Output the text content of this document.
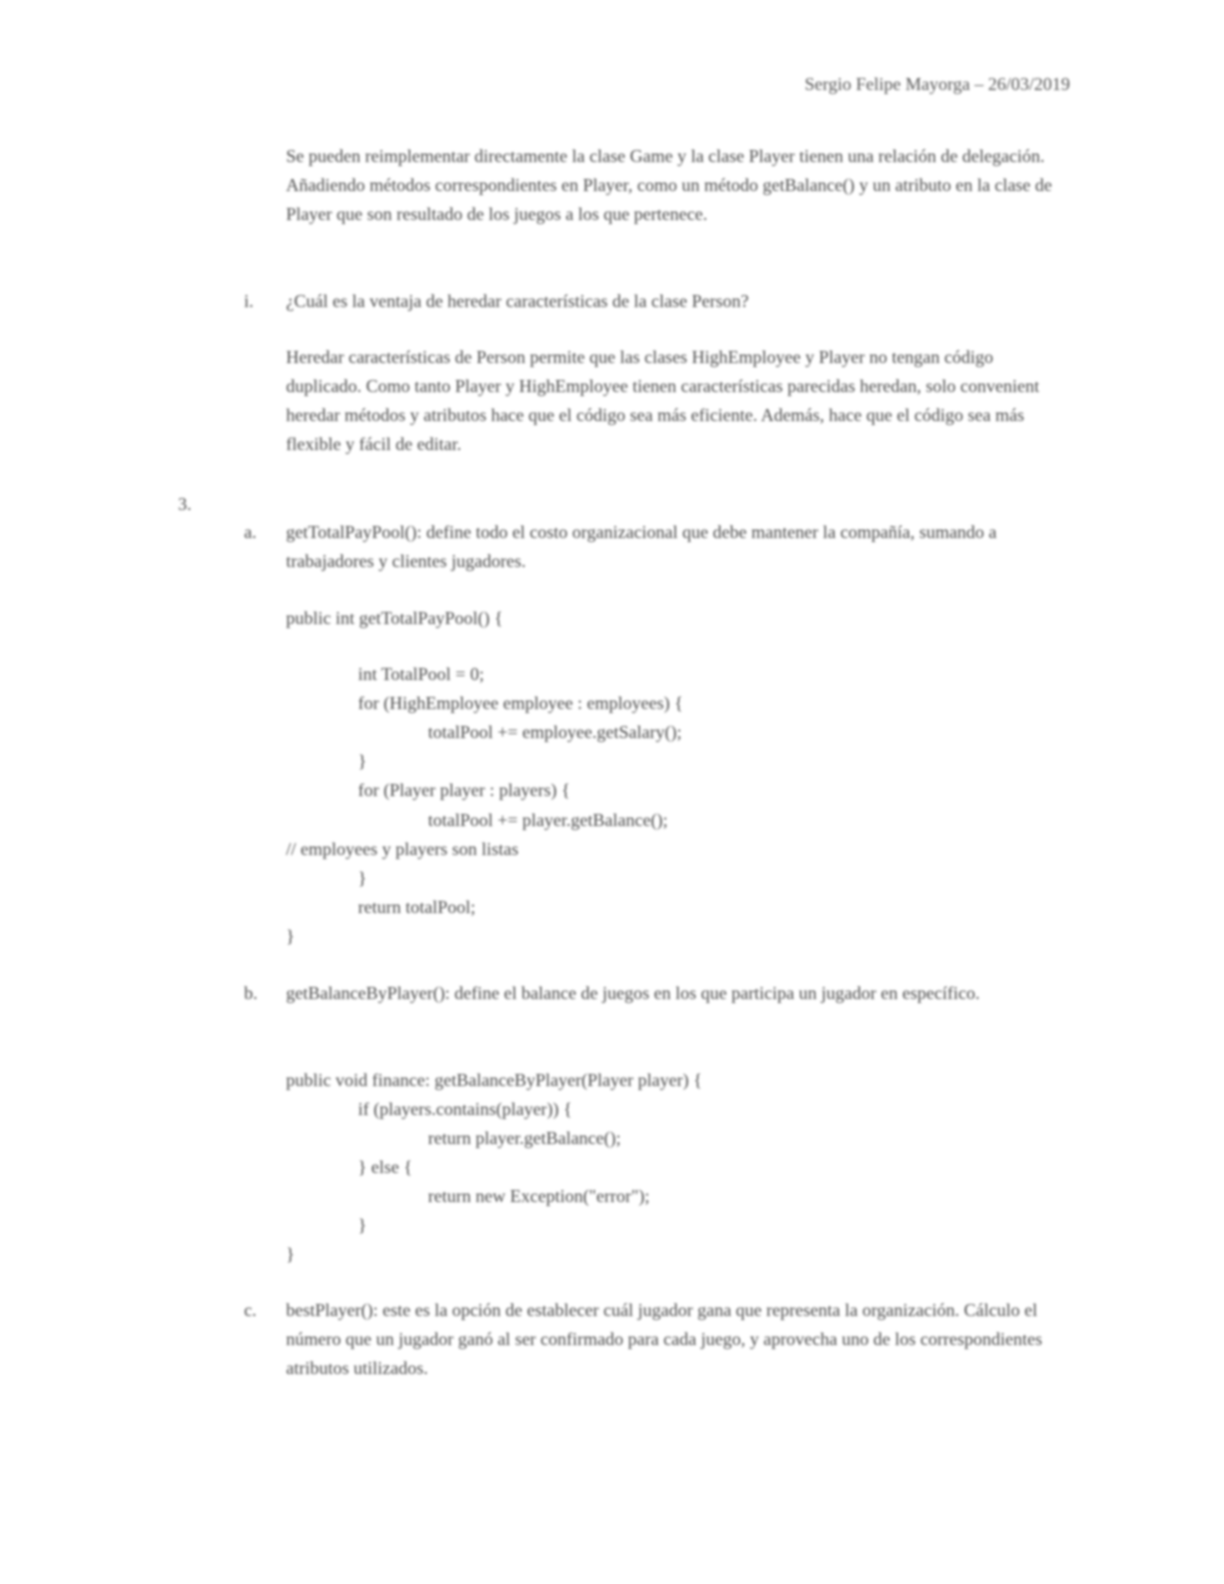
Sergio Felipe Mayorga – 26/03/2019

Se pueden reimplementar directamente la clase Game y la clase Player tienen una relación de delegación. Añadiendo métodos correspondientes en Player, como un método getBalance() y un atributo en la clase de Player que son resultado de los juegos a los que pertenece.

i. ¿Cuál es la ventaja de heredar características de la clase Person?

Heredar características de Person permite que las clases HighEmployee y Player no tengan código duplicado. Como tanto Player y HighEmployee tienen características parecidas heredan, solo convenient heredar métodos y atributos hace que el código sea más eficiente. Además, hace que el código sea más flexible y fácil de editar.

3.
a. getTotalPayPool(): define todo el costo organizacional que debe mantener la compañía, sumando a trabajadores y clientes jugadores.

public int getTotalPayPool() {
int TotalPool = 0;
for (HighEmployee employee : employees) {
totalPool += employee.getSalary();
}
for (Player player : players) {
totalPool += player.getBalance();
// employees y players son listas
}
return totalPool;
}
b. getBalanceByPlayer(): define el balance de juegos en los que participa un jugador en específico.

public void finance: getBalanceByPlayer(Player player) {
if (players.contains(player)) {
return player.getBalance();
} else {
return new Exception("error");
}
}
c. bestPlayer(): este es la opción de establecer cuál jugador gana que representa la organización. Cálculo el número que un jugador ganó al ser confirmado para cada juego, y aprovecha uno de los correspondientes atributos utilizados.
